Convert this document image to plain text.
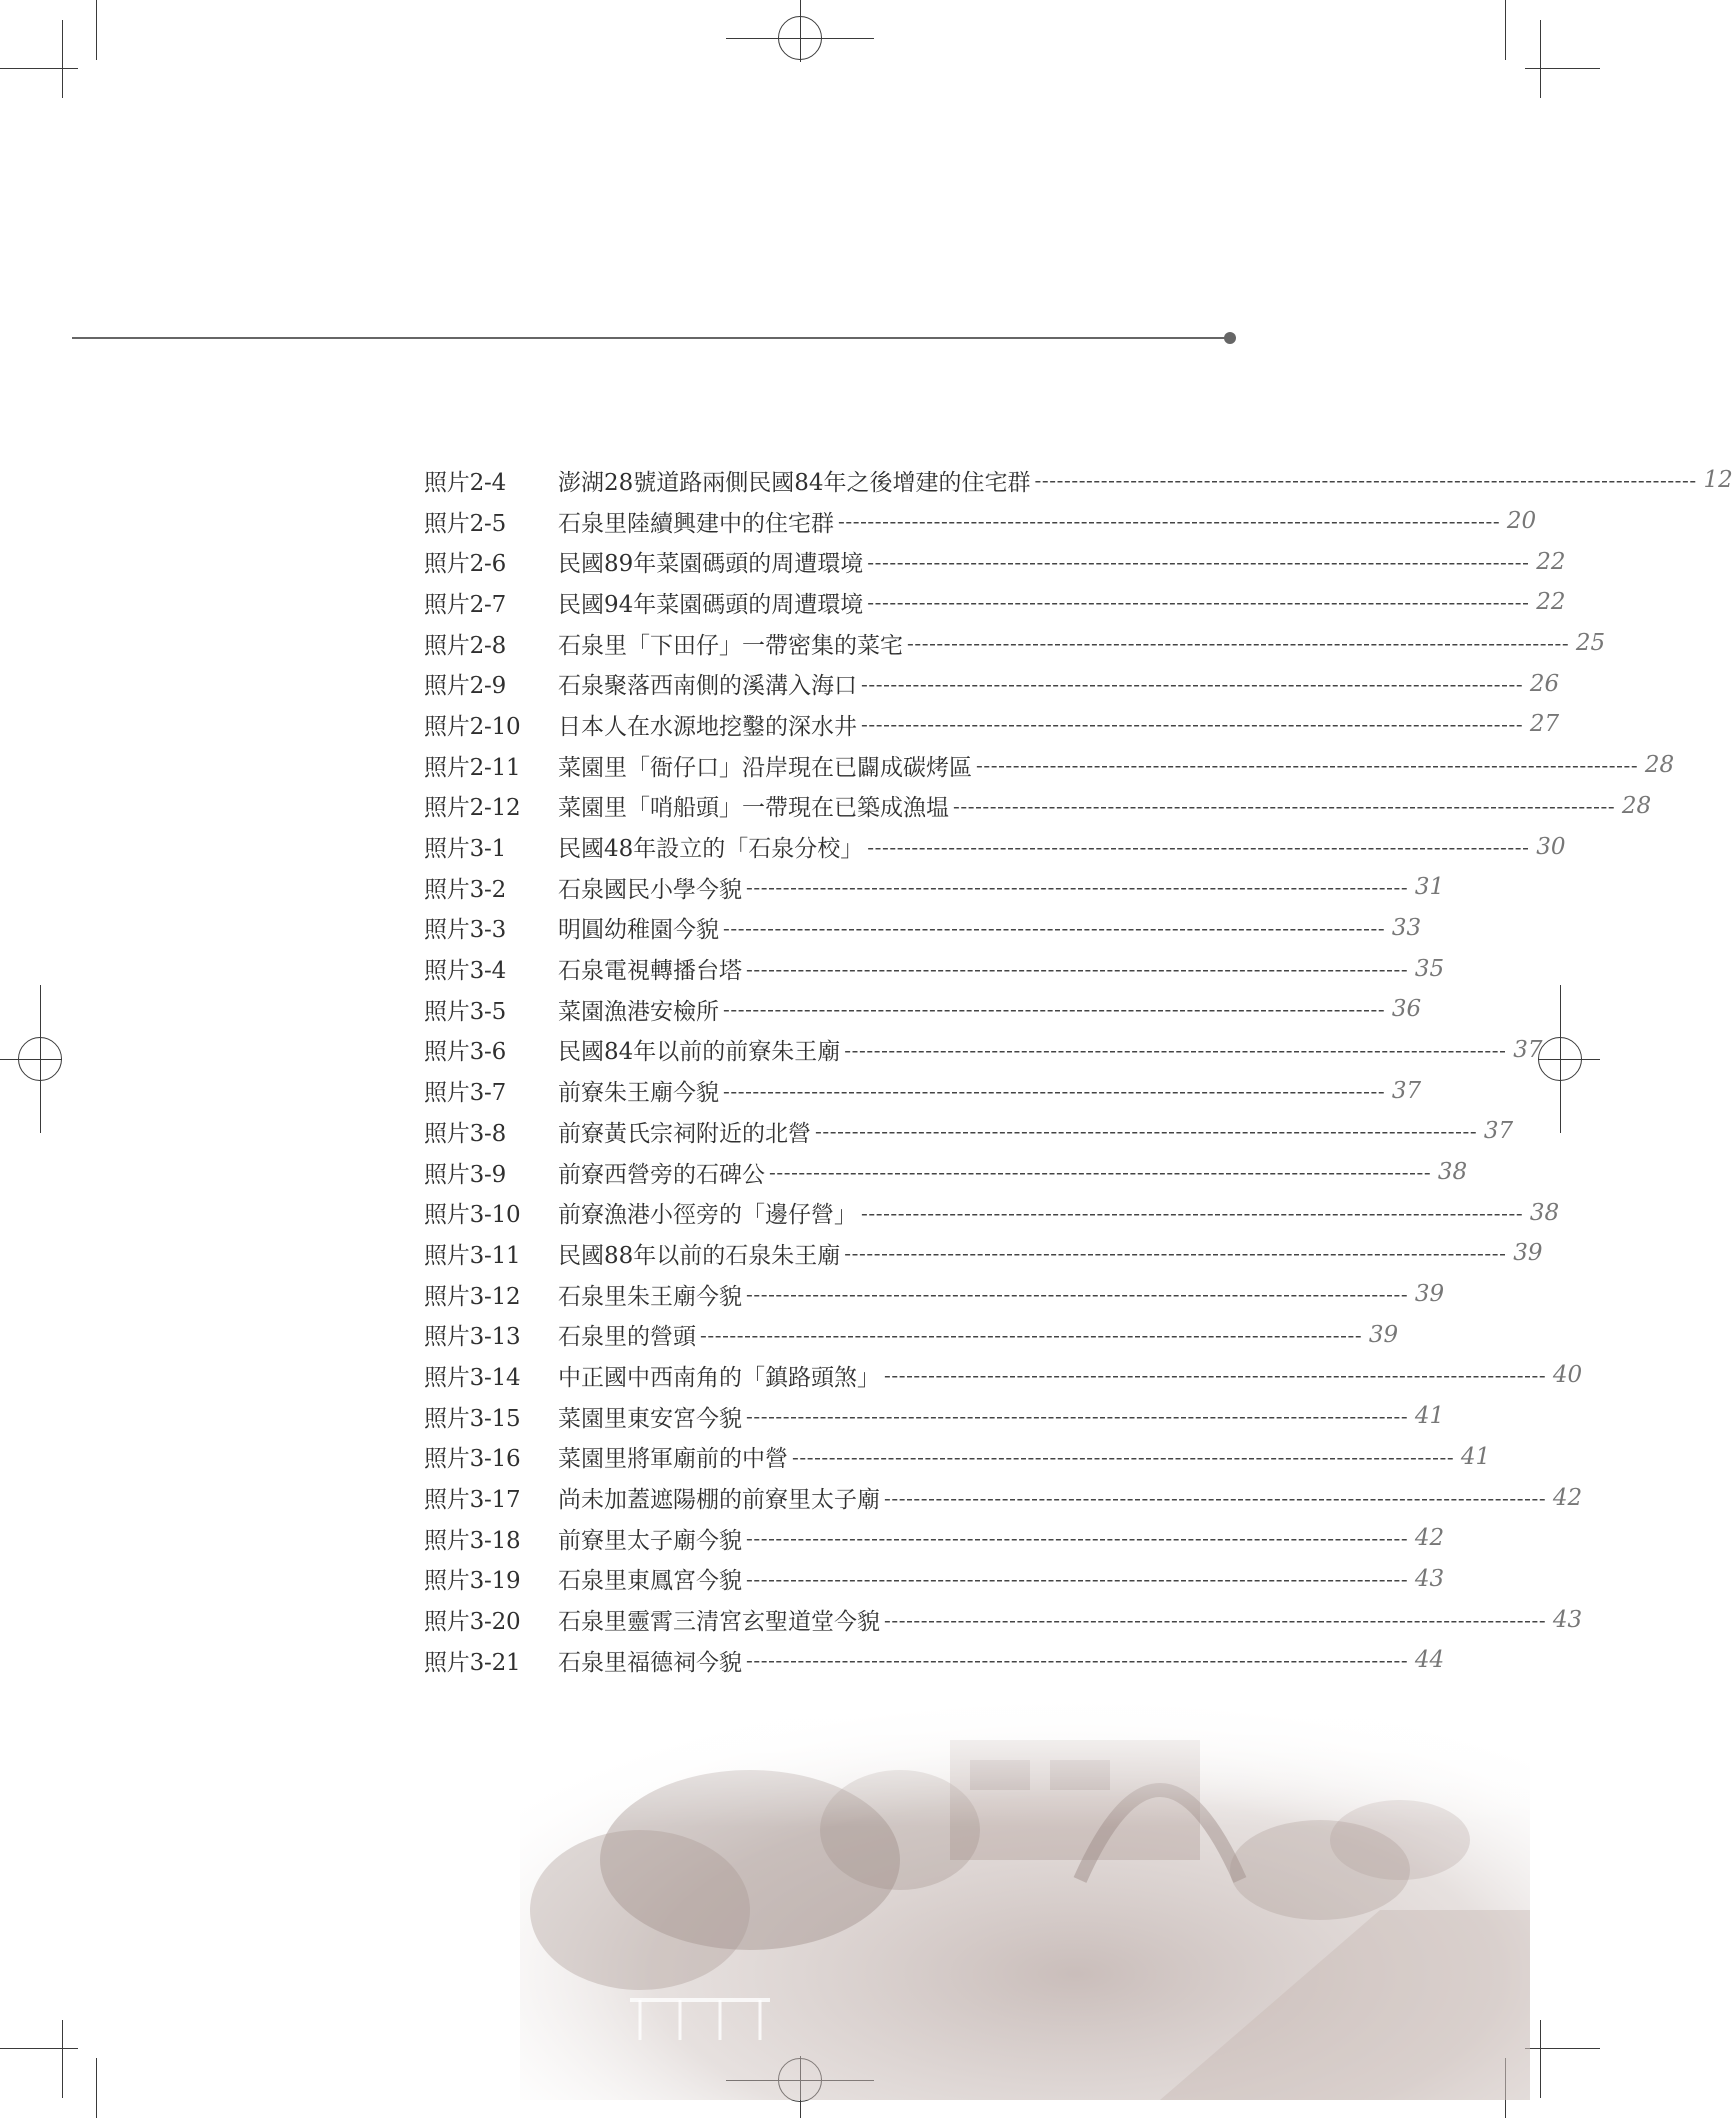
照片2-4	澎湖28號道路兩側民國84年之後增建的住宅群 ------------------------------------------------------------------------------------------ 12
照片2-5	石泉里陸續興建中的住宅群 ------------------------------------------------------------------------------------------ 20
照片2-6	民國89年菜園碼頭的周遭環境 ------------------------------------------------------------------------------------------ 22
照片2-7	民國94年菜園碼頭的周遭環境 ------------------------------------------------------------------------------------------ 22
照片2-8	石泉里「下田仔」一帶密集的菜宅 ------------------------------------------------------------------------------------------ 25
照片2-9	石泉聚落西南側的溪溝入海口 ------------------------------------------------------------------------------------------ 26
照片2-10	日本人在水源地挖鑿的深水井 ------------------------------------------------------------------------------------------ 27
照片2-11	菜園里「衙仔口」沿岸現在已闢成碳烤區 ------------------------------------------------------------------------------------------ 28
照片2-12	菜園里「哨船頭」一帶現在已築成漁塭 ------------------------------------------------------------------------------------------ 28
照片3-1	民國48年設立的「石泉分校」 ------------------------------------------------------------------------------------------ 30
照片3-2	石泉國民小學今貌 ------------------------------------------------------------------------------------------ 31
照片3-3	明圓幼稚園今貌 ------------------------------------------------------------------------------------------ 33
照片3-4	石泉電視轉播台塔 ------------------------------------------------------------------------------------------ 35
照片3-5	菜園漁港安檢所 ------------------------------------------------------------------------------------------ 36
照片3-6	民國84年以前的前寮朱王廟 ------------------------------------------------------------------------------------------ 37
照片3-7	前寮朱王廟今貌 ------------------------------------------------------------------------------------------ 37
照片3-8	前寮黃氏宗祠附近的北營 ------------------------------------------------------------------------------------------ 37
照片3-9	前寮西營旁的石碑公 ------------------------------------------------------------------------------------------ 38
照片3-10	前寮漁港小徑旁的「邊仔營」 ------------------------------------------------------------------------------------------ 38
照片3-11	民國88年以前的石泉朱王廟 ------------------------------------------------------------------------------------------ 39
照片3-12	石泉里朱王廟今貌 ------------------------------------------------------------------------------------------ 39
照片3-13	石泉里的營頭 ------------------------------------------------------------------------------------------ 39
照片3-14	中正國中西南角的「鎮路頭煞」 ------------------------------------------------------------------------------------------ 40
照片3-15	菜園里東安宮今貌 ------------------------------------------------------------------------------------------ 41
照片3-16	菜園里將軍廟前的中營 ------------------------------------------------------------------------------------------ 41
照片3-17	尚未加蓋遮陽棚的前寮里太子廟 ------------------------------------------------------------------------------------------ 42
照片3-18	前寮里太子廟今貌 ------------------------------------------------------------------------------------------ 42
照片3-19	石泉里東鳳宮今貌 ------------------------------------------------------------------------------------------ 43
照片3-20	石泉里靈霄三清宮玄聖道堂今貌 ------------------------------------------------------------------------------------------ 43
照片3-21	石泉里福德祠今貌 ------------------------------------------------------------------------------------------ 44
